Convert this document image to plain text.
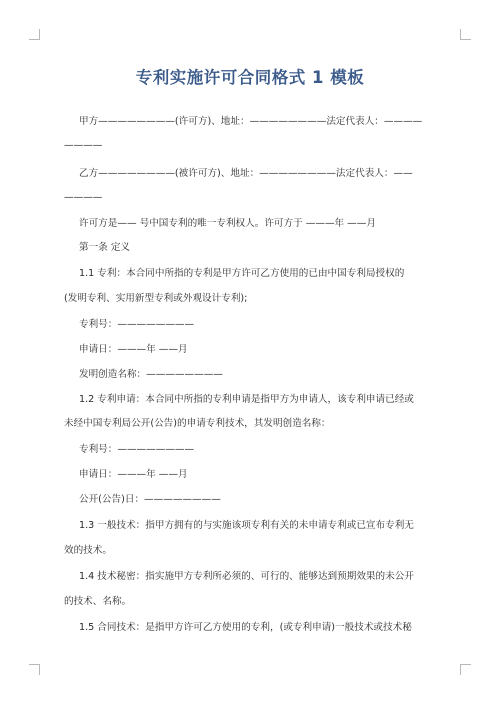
专利实施许可合同格式 1 模板
甲方————————(许可方)、地址：————————法定代表人：————
————
乙方————————(被许可方)、地址：————————法定代表人：——
————
许可方是—— 号中国专利的唯一专利权人。许可方于 ———年 ——月
第一条 定义
1.1 专利：本合同中所指的专利是甲方许可乙方使用的已由中国专利局授权的
(发明专利、实用新型专利或外观设计专利);
专利号：————————
申请日：———年 ——月
发明创造名称：————————
1.2 专利申请：本合同中所指的专利申请是指甲方为申请人，该专利申请已经或
未经中国专利局公开(公告)的申请专利技术，其发明创造名称：
专利号：————————
申请日：———年 ——月
公开(公告)日：————————
1.3 一般技术：指甲方拥有的与实施该项专利有关的未申请专利或已宣布专利无
效的技术。
1.4 技术秘密：指实施甲方专利所必须的、可行的、能够达到预期效果的未公开
的技术、名称。
1.5 合同技术：是指甲方许可乙方使用的专利，(或专利申请)一般技术或技术秘
